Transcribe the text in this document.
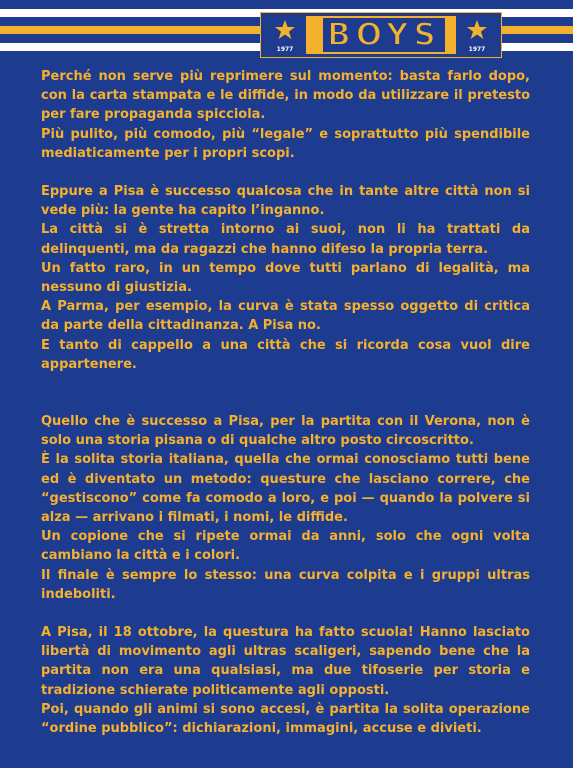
1977	BOYS	1977

Perché non serve più reprimere sul momento: basta farlo dopo, con la carta stampata e le diffide, in modo da utilizzare il pretesto per fare propaganda spicciola.

Più pulito, più comodo, più “legale” e soprattutto più spendibile mediaticamente per i propri scopi.

Eppure a Pisa è successo qualcosa che in tante altre città non si vede più: la gente ha capito l’inganno.

La città si è stretta intorno ai suoi, non li ha trattati da delinquenti, ma da ragazzi che hanno difeso la propria terra.

Un fatto raro, in un tempo dove tutti parlano di legalità, ma nessuno di giustizia.

A Parma, per esempio, la curva è stata spesso oggetto di critica da parte della cittadinanza. A Pisa no.

E tanto di cappello a una città che si ricorda cosa vuol dire appartenere.

Quello che è successo a Pisa, per la partita con il Verona, non è solo una storia pisana o di qualche altro posto circoscritto.

È la solita storia italiana, quella che ormai conosciamo tutti bene ed è diventato un metodo: questure che lasciano correre, che “gestiscono” come fa comodo a loro, e poi — quando la polvere si alza — arrivano i filmati, i nomi, le diffide.

Un copione che si ripete ormai da anni, solo che ogni volta cambiano la città e i colori.

Il finale è sempre lo stesso: una curva colpita e i gruppi ultras indeboliti.

A Pisa, il 18 ottobre, la questura ha fatto scuola! Hanno lasciato libertà di movimento agli ultras scaligeri, sapendo bene che la partita non era una qualsiasi, ma due tifoserie per storia e tradizione schierate politicamente agli opposti.

Poi, quando gli animi si sono accesi, è partita la solita operazione “ordine pubblico”: dichiarazioni, immagini, accuse e divieti.
